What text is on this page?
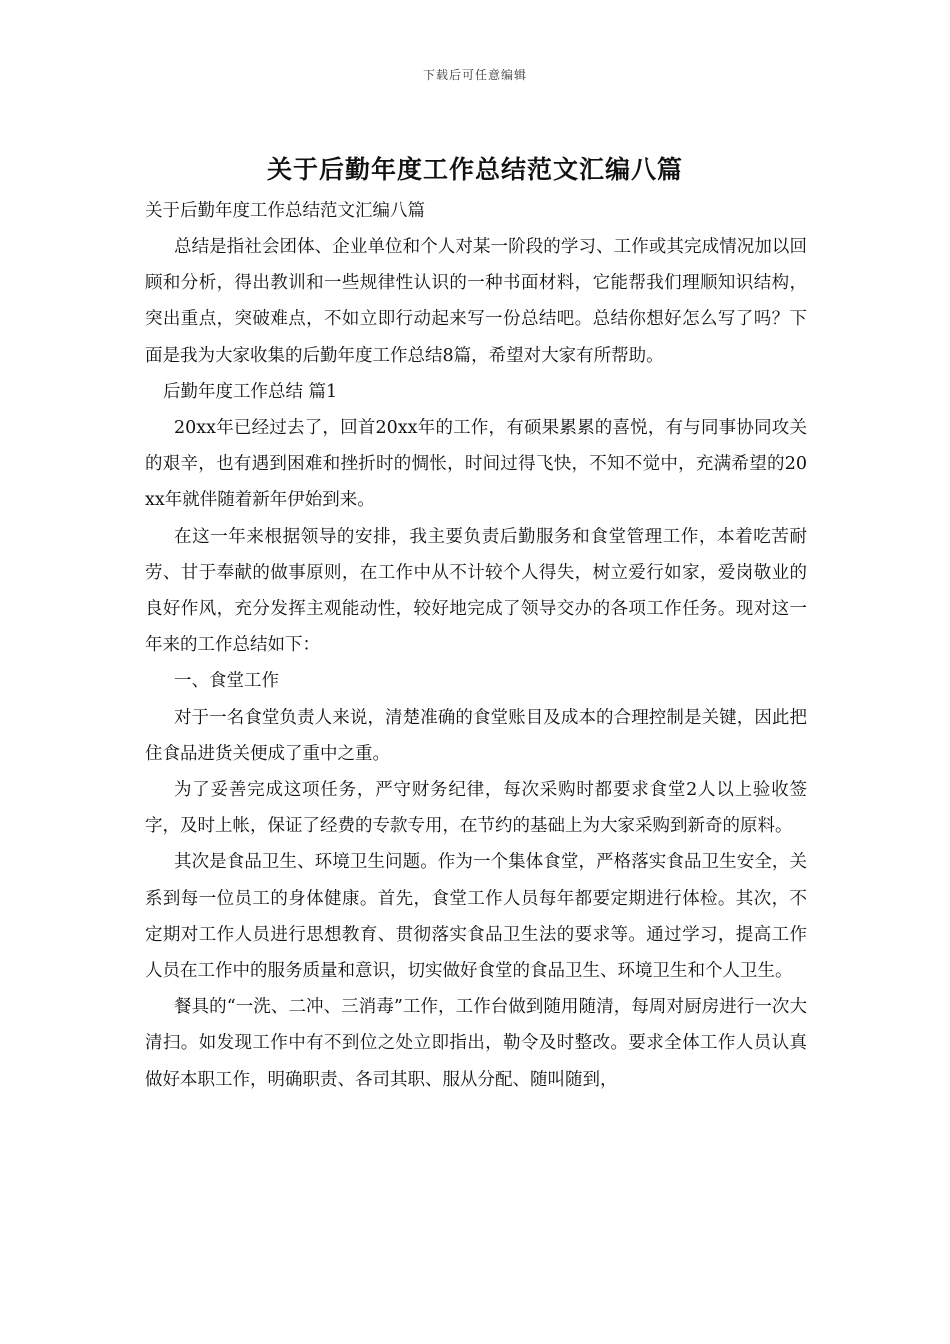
下载后可任意编辑
关于后勤年度工作总结范文汇编八篇

关于后勤年度工作总结范文汇编八篇

总结是指社会团体、企业单位和个人对某一阶段的学习、工作或其完成情况加以回顾和分析，得出教训和一些规律性认识的一种书面材料，它能帮我们理顺知识结构，突出重点，突破难点，不如立即行动起来写一份总结吧。总结你想好怎么写了吗？下面是我为大家收集的后勤年度工作总结8篇，希望对大家有所帮助。

后勤年度工作总结 篇1

20xx年已经过去了，回首20xx年的工作，有硕果累累的喜悦，有与同事协同攻关的艰辛，也有遇到困难和挫折时的惆怅，时间过得飞快，不知不觉中，充满希望的20xx年就伴随着新年伊始到来。

在这一年来根据领导的安排，我主要负责后勤服务和食堂管理工作，本着吃苦耐劳、甘于奉献的做事原则，在工作中从不计较个人得失，树立爱行如家，爱岗敬业的良好作风，充分发挥主观能动性，较好地完成了领导交办的各项工作任务。现对这一年来的工作总结如下：

一、食堂工作

对于一名食堂负责人来说，清楚准确的食堂账目及成本的合理控制是关键，因此把住食品进货关便成了重中之重。

为了妥善完成这项任务，严守财务纪律，每次采购时都要求食堂2人以上验收签字，及时上帐，保证了经费的专款专用，在节约的基础上为大家采购到新奇的原料。

其次是食品卫生、环境卫生问题。作为一个集体食堂，严格落实食品卫生安全，关系到每一位员工的身体健康。首先，食堂工作人员每年都要定期进行体检。其次，不定期对工作人员进行思想教育、贯彻落实食品卫生法的要求等。通过学习，提高工作人员在工作中的服务质量和意识，切实做好食堂的食品卫生、环境卫生和个人卫生。

餐具的“一洗、二冲、三消毒”工作，工作台做到随用随清，每周对厨房进行一次大清扫。如发现工作中有不到位之处立即指出，勒令及时整改。要求全体工作人员认真做好本职工作，明确职责、各司其职、服从分配、随叫随到，
